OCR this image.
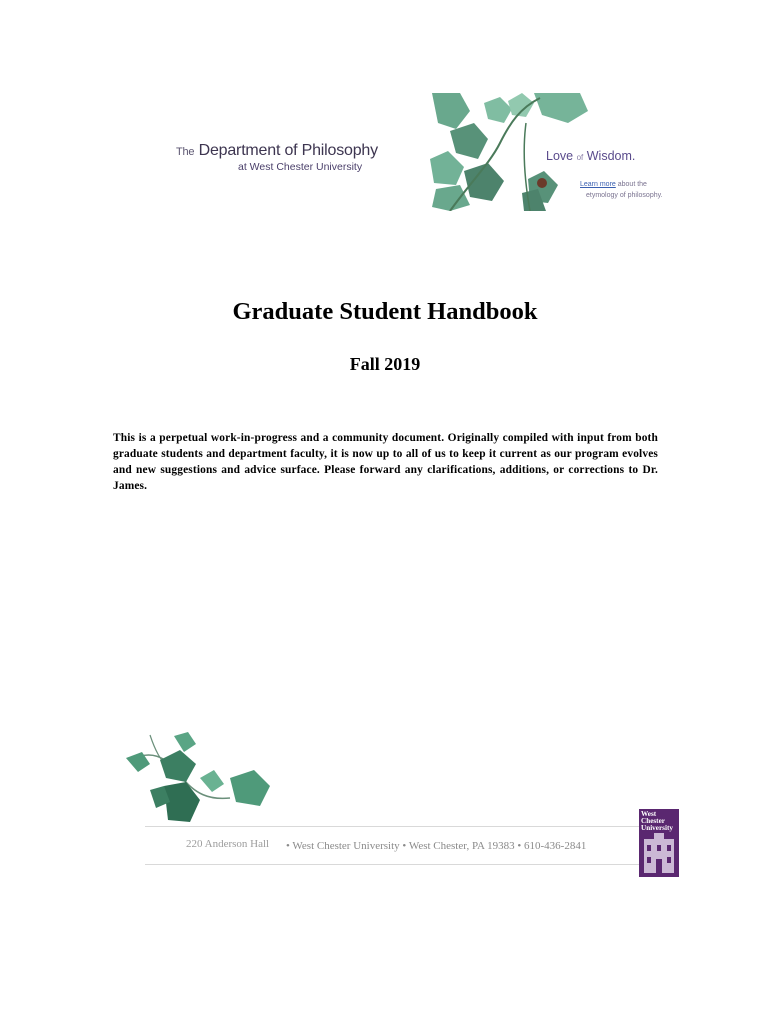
The Department of Philosophy
at West Chester University
Love of Wisdom.
Learn more about the
etymology of philosophy.
Graduate Student Handbook
Fall 2019
This is a perpetual work-in-progress and a community document. Originally compiled with input from both graduate students and department faculty, it is now up to all of us to keep it current as our program evolves and new suggestions and advice surface. Please forward any clarifications, additions, or corrections to Dr. James.
220 Anderson Hall • West Chester University • West Chester, PA 19383 • 610-436-2841
West
Chester
University
